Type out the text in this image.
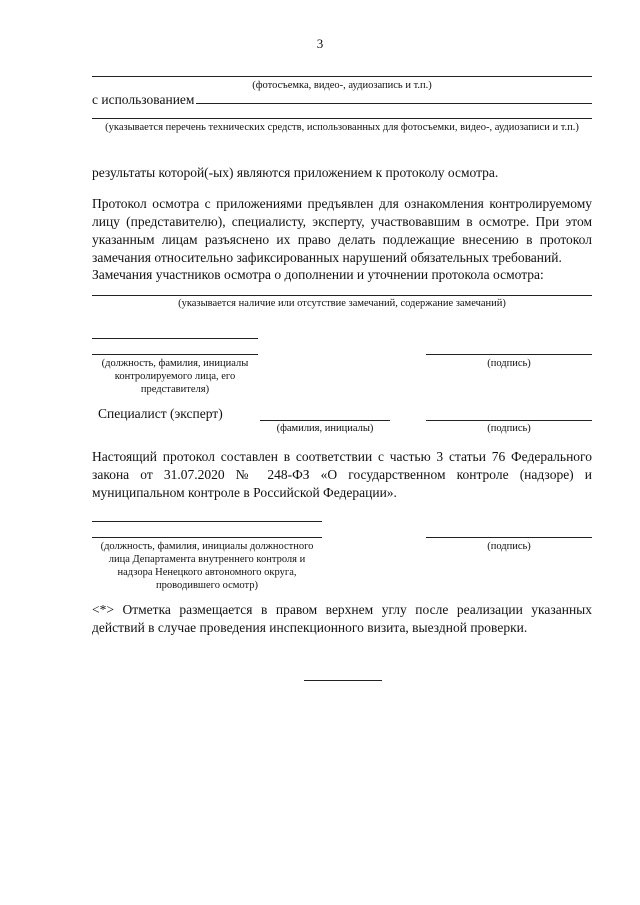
3
(фотосъемка, видео-, аудиозапись и т.п.)
с использованием
(указывается перечень технических средств, использованных для фотосъемки, видео-, аудиозаписи и т.п.)
результаты которой(-ых) являются приложением к протоколу осмотра.
Протокол осмотра с приложениями предъявлен для ознакомления контролируемому лицу (представителю), специалисту, эксперту, участвовавшим в осмотре. При этом указанным лицам разъяснено их право делать подлежащие внесению в протокол замечания относительно зафиксированных нарушений обязательных требований.
Замечания участников осмотра о дополнении и уточнении протокола осмотра:
(указывается наличие или отсутствие замечаний, содержание замечаний)
(должность, фамилия, инициалы контролируемого лица, его представителя)
(подпись)
Специалист (эксперт)
(фамилия, инициалы)	(подпись)
Настоящий протокол составлен в соответствии с частью 3 статьи 76 Федерального закона от 31.07.2020 № 248-ФЗ «О государственном контроле (надзоре) и муниципальном контроле в Российской Федерации».
(должность, фамилия, инициалы должностного лица Департамента внутреннего контроля и надзора Ненецкого автономного округа, проводившего осмотр)
(подпись)
<*> Отметка размещается в правом верхнем углу после реализации указанных действий в случае проведения инспекционного визита, выездной проверки.
